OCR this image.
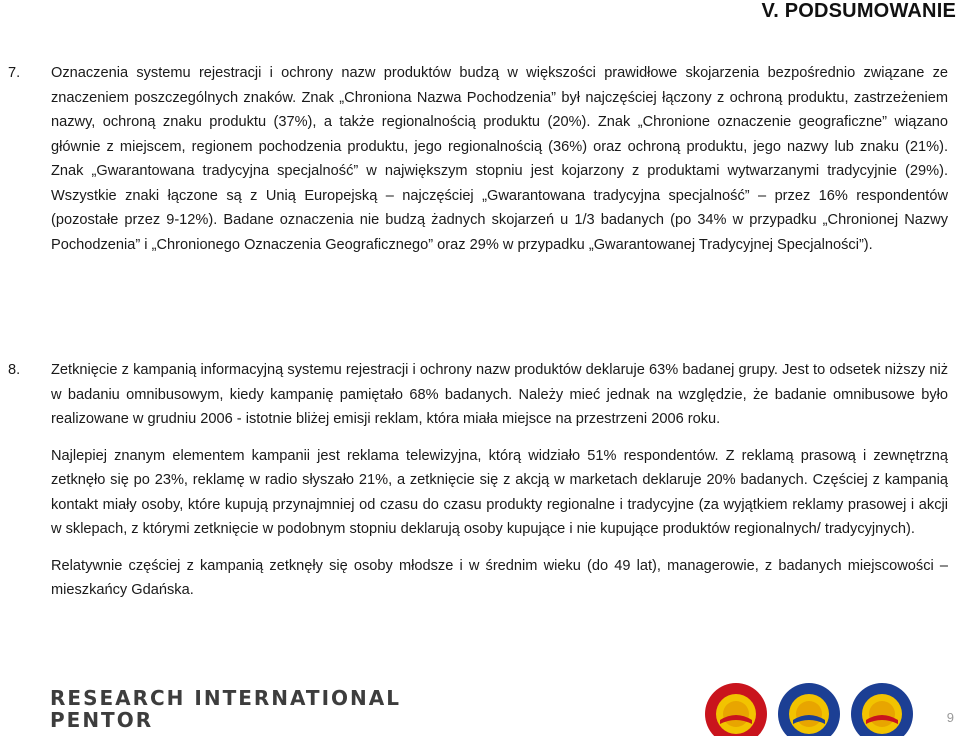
V. PODSUMOWANIE
7. Oznaczenia systemu rejestracji i ochrony nazw produktów budzą w większości prawidłowe skojarzenia bezpośrednio związane ze znaczeniem poszczególnych znaków. Znak „Chroniona Nazwa Pochodzenia” był najczęściej łączony z ochroną produktu, zastrzeżeniem nazwy, ochroną znaku produktu (37%), a także regionalnością produktu (20%). Znak „Chronione oznaczenie geograficzne” wiązano głównie z miejscem, regionem pochodzenia produktu, jego regionalnością (36%) oraz ochroną produktu, jego nazwy lub znaku (21%). Znak „Gwarantowana tradycyjna specjalność” w największym stopniu jest kojarzony z produktami wytwarzanymi tradycyjnie (29%). Wszystkie znaki łączone są z Unią Europejską – najczęściej „Gwarantowana tradycyjna specjalność” – przez 16% respondentów (pozostałe przez 9-12%). Badane oznaczenia nie budzą żadnych skojarzeń u 1/3 badanych (po 34% w przypadku „Chronionej Nazwy Pochodzenia” i „Chronionego Oznaczenia Geograficznego” oraz 29% w przypadku „Gwarantowanej Tradycyjnej Specjalności”).

8. Zetknięcie z kampanią informacyjną systemu rejestracji i ochrony nazw produktów deklaruje 63% badanej grupy. Jest to odsetek niższy niż w badaniu omnibusowym, kiedy kampanię pamiętało 68% badanych. Należy mieć jednak na względzie, że badanie omnibusowe było realizowane w grudniu 2006 - istotnie bliżej emisji reklam, która miała miejsce na przestrzeni 2006 roku.

Najlepiej znanym elementem kampanii jest reklama telewizyjna, którą widziało 51% respondentów. Z reklamą prasową i zewnętrzną zetknęło się po 23%, reklamę w radio słyszało 21%, a zetknięcie się z akcją w marketach deklaruje 20% badanych. Częściej z kampanią kontakt miały osoby, które kupują przynajmniej od czasu do czasu produkty regionalne i tradycyjne (za wyjątkiem reklamy prasowej i akcji w sklepach, z którymi zetknięcie w podobnym stopniu deklarują osoby kupujące i nie kupujące produktów regionalnych/ tradycyjnych).

Relatywnie częściej z kampanią zetknęły się osoby młodsze i w średnim wieku (do 49 lat), managerowie, z badanych miejscowości – mieszkańcy Gdańska.

RESEARCH INTERNATIONAL
PENTOR	9
